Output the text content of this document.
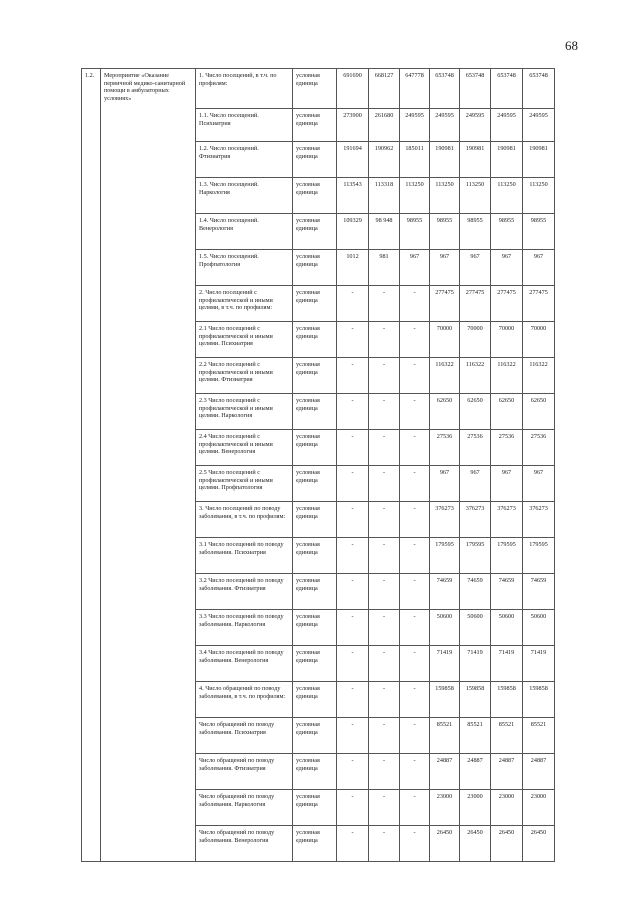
68
1.2.	Мероприятие «Оказание первичной медико-санитарной помощи в амбулаторных условиях»	1. Число посещений, в т.ч. по профилям:	условная единица	691690	668127	647778	653748	653748	653748	653748
		1.1. Число посещений. Психиатрия	условная единица	273900	261680	249595	249595	249595	249595	249595
		1.2. Число посещений. Фтизиатрия	условная единица	191694	190962	185011	190981	190981	190981	190981
		1.3. Число посещений. Наркология	условная единица	113543	113318	113250	113250	113250	113250	113250
		1.4. Число посещений. Венерология	условная единица	109329	98 948	98955	98955	98955	98955	98955
		1.5. Число посещений. Профпатология	условная единица	1012	981	967	967	967	967	967
		2. Число посещений с профилактической и иными целями, в т.ч. по профилям:	условная единица	-	-	-	277475	277475	277475	277475
		2.1 Число посещений с профилактической и иными целями. Психиатрия	условная единица	-	-	-	70000	70000	70000	70000
		2.2 Число посещений с профилактической и иными целями. Фтизиатрия	условная единица	-	-	-	116322	116322	116322	116322
		2.3 Число посещений с профилактической и иными целями. Наркология	условная единица	-	-	-	62650	62650	62650	62650
		2.4 Число посещений с профилактической и иными целями. Венерология	условная единица	-	-	-	27536	27536	27536	27536
		2.5 Число посещений с профилактической и иными целями. Профпатология	условная единица	-	-	-	967	967	967	967
		3. Число посещений по поводу заболевания, в т.ч. по профилям:	условная единица	-	-	-	376273	376273	376273	376273
		3.1 Число посещений по поводу заболевания. Психиатрия	условная единица	-	-	-	179595	179595	179595	179595
		3.2 Число посещений по поводу заболевания. Фтизиатрия	условная единица	-	-	-	74659	74659	74659	74659
		3.3 Число посещений по поводу заболевания. Наркология	условная единица	-	-	-	50600	50600	50600	50600
		3.4 Число посещений по поводу заболевания. Венерология	условная единица	-	-	-	71419	71419	71419	71419
		4. Число обращений по поводу заболевания, в т.ч. по профилям:	условная единица	-	-	-	159858	159858	159858	159858
		Число обращений по поводу заболевания. Психиатрия	условная единица	-	-	-	85521	85521	85521	85521
		Число обращений по поводу заболевания. Фтизиатрия	условная единица	-	-	-	24887	24887	24887	24887
		Число обращений по поводу заболевания. Наркология	условная единица	-	-	-	23000	23000	23000	23000
		Число обращений по поводу заболевания. Венерология	условная единица	-	-	-	26450	26450	26450	26450
